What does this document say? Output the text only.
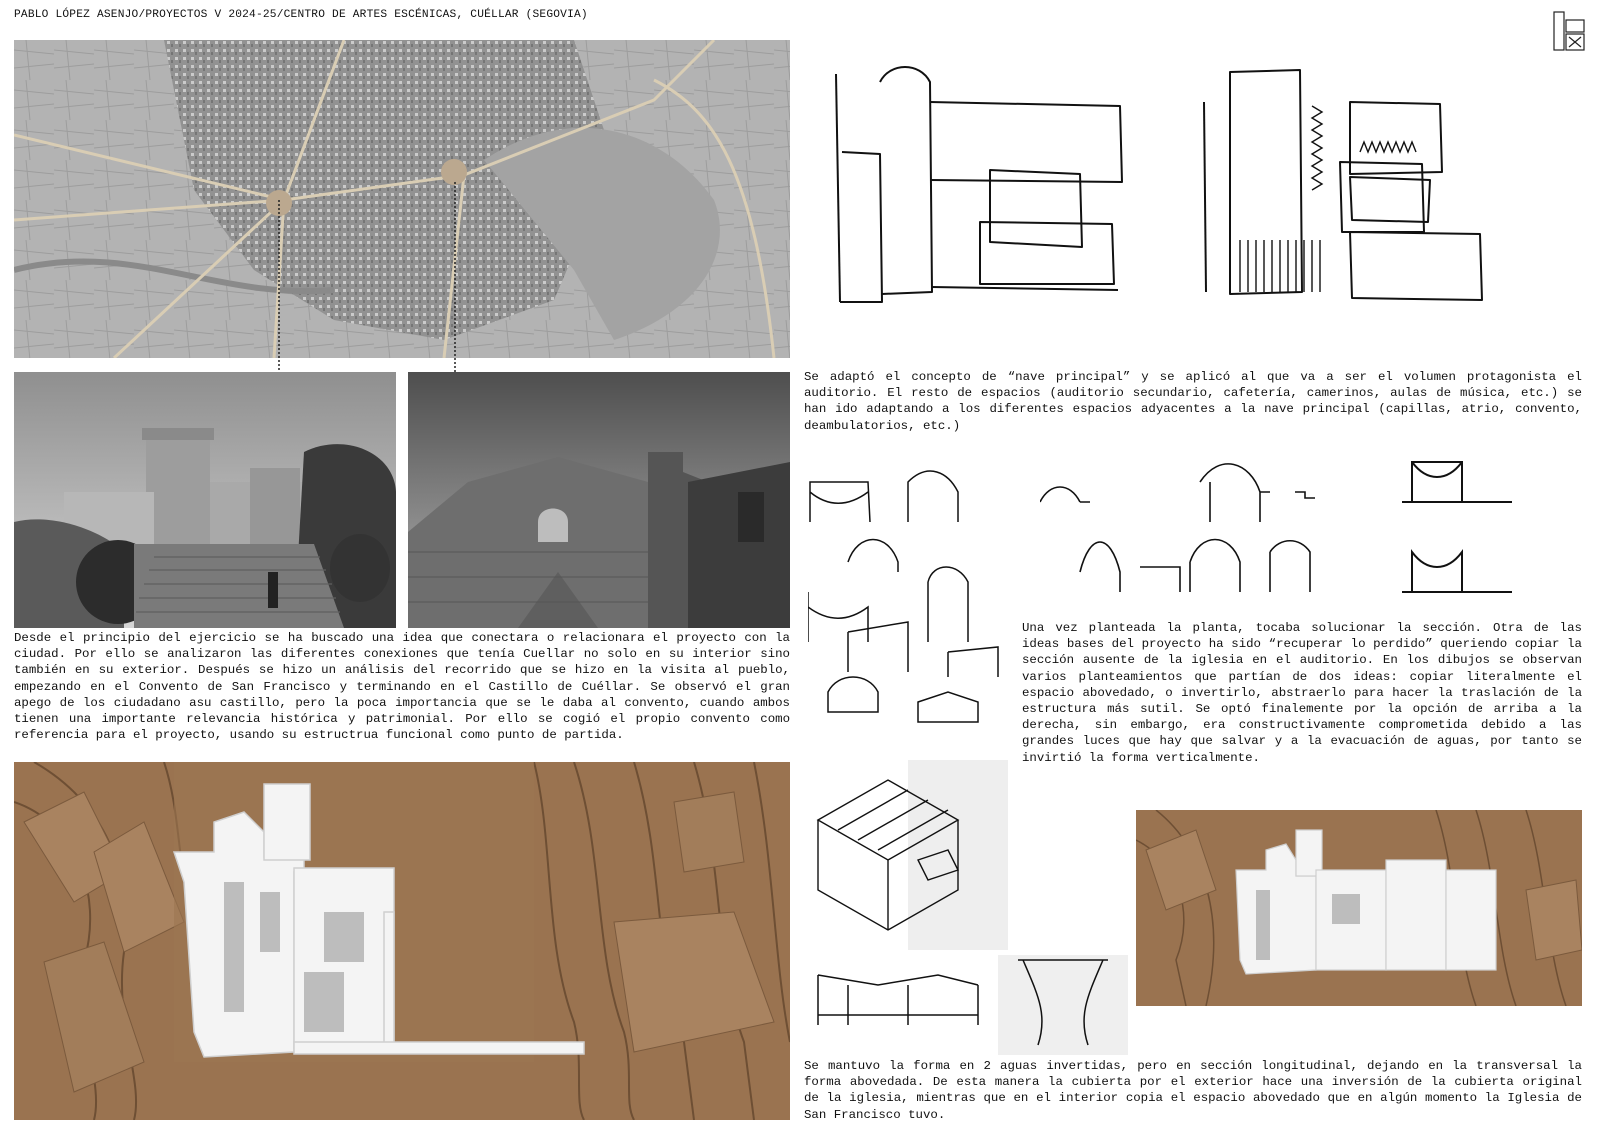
PABLO LÓPEZ ASENJO/PROYECTOS V 2024-25/CENTRO DE ARTES ESCÉNICAS, CUÉLLAR (SEGOVIA)
Desde el principio del ejercicio se ha buscado una idea que conectara o relacionara el proyecto con la ciudad. Por ello se analizaron las diferentes conexiones que tenía Cuellar no solo en su interior sino también en su exterior. Después se hizo un análisis del recorrido que se hizo en la visita al pueblo, empezando en el Convento de San Francisco y terminando en el Castillo de Cuéllar. Se observó el gran apego de los ciudadano asu castillo, pero la poca importancia que se le daba al convento, cuando ambos tienen una importante relevancia histórica y patrimonial. Por ello se cogió el propio convento como referencia para el proyecto, usando su estructrua funcional como punto de partida.
Se adaptó el concepto de “nave principal” y se aplicó al que va a ser el volumen protagonista el auditorio. El resto de espacios (auditorio secundario, cafetería, camerinos, aulas de música, etc.) se han ido adaptando a los diferentes espacios adyacentes a la nave principal (capillas, atrio, convento, deambulatorios, etc.)
Una vez planteada la planta, tocaba solucionar la sección. Otra de las ideas bases del proyecto ha sido “recuperar lo perdido” queriendo copiar la sección ausente de la iglesia en el auditorio. En los dibujos se observan varios planteamientos que partían de dos ideas: copiar literalmente el espacio abovedado, o invertirlo, abstraerlo para hacer la traslación de la estructura más sutil. Se optó finalemente por la opción de arriba a la derecha, sin embargo, era constructivamente comprometida debido a las grandes luces que hay que salvar y a la evacuación de aguas, por tanto se invirtió la forma verticalmente.
Se mantuvo la forma en 2 aguas invertidas, pero en sección longitudinal, dejando en la transversal la forma abovedada. De esta manera la cubierta por el exterior hace una inversión de la cubierta original de la iglesia, mientras que en el interior copia el espacio abovedado que en algún momento la Iglesia de San Francisco tuvo.
